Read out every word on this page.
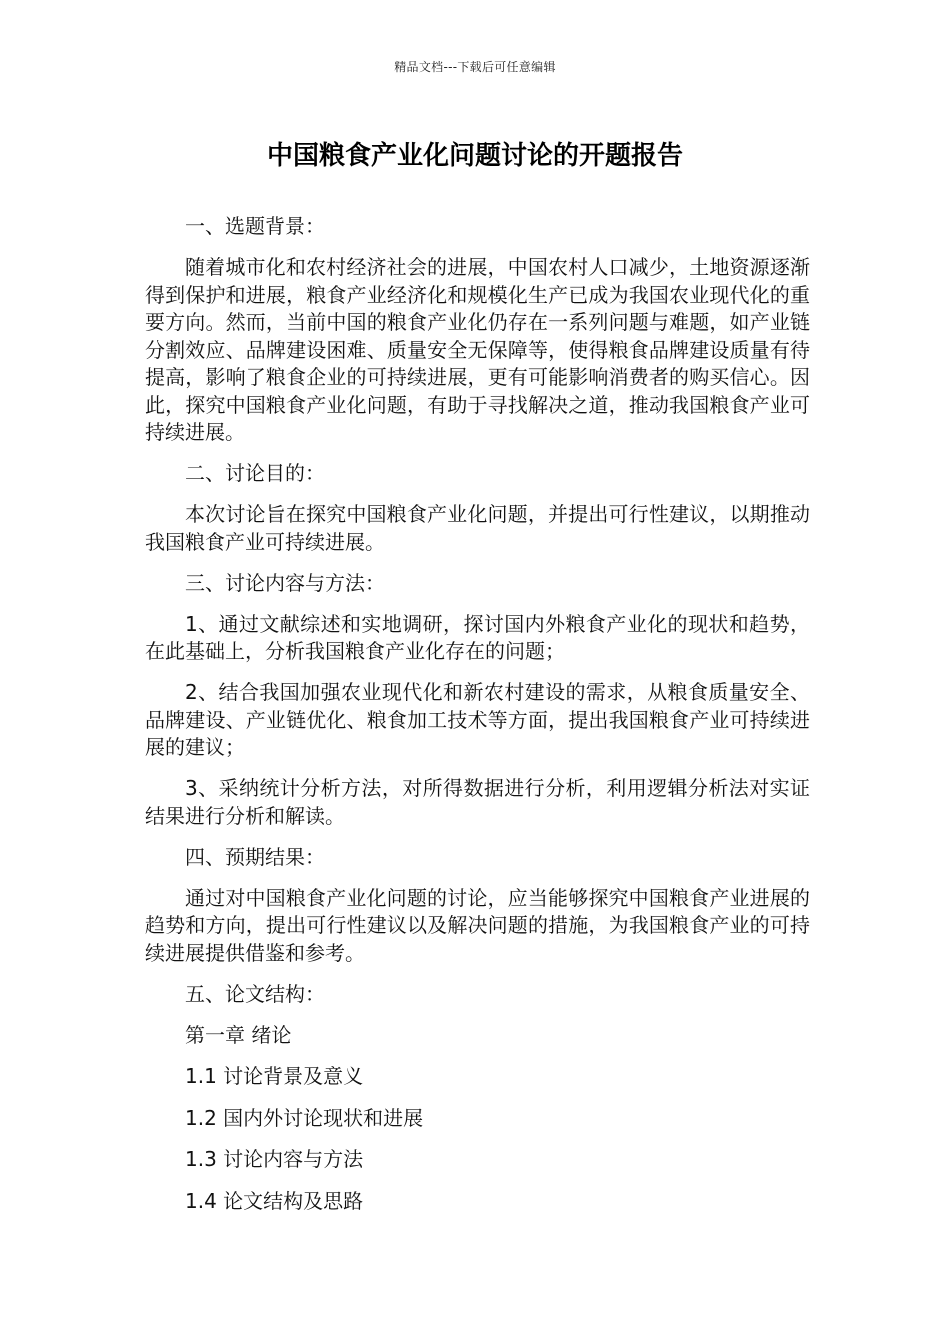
精品文档---下载后可任意编辑
中国粮食产业化问题讨论的开题报告

一、选题背景：

随着城市化和农村经济社会的进展，中国农村人口减少，土地资源逐渐得到保护和进展，粮食产业经济化和规模化生产已成为我国农业现代化的重要方向。然而，当前中国的粮食产业化仍存在一系列问题与难题，如产业链分割效应、品牌建设困难、质量安全无保障等，使得粮食品牌建设质量有待提高，影响了粮食企业的可持续进展，更有可能影响消费者的购买信心。因此，探究中国粮食产业化问题，有助于寻找解决之道，推动我国粮食产业可持续进展。

二、讨论目的：

本次讨论旨在探究中国粮食产业化问题，并提出可行性建议，以期推动我国粮食产业可持续进展。

三、讨论内容与方法：

1、通过文献综述和实地调研，探讨国内外粮食产业化的现状和趋势，在此基础上，分析我国粮食产业化存在的问题；

2、结合我国加强农业现代化和新农村建设的需求，从粮食质量安全、品牌建设、产业链优化、粮食加工技术等方面，提出我国粮食产业可持续进展的建议；

3、采纳统计分析方法，对所得数据进行分析，利用逻辑分析法对实证结果进行分析和解读。

四、预期结果：

通过对中国粮食产业化问题的讨论，应当能够探究中国粮食产业进展的趋势和方向，提出可行性建议以及解决问题的措施，为我国粮食产业的可持续进展提供借鉴和参考。

五、论文结构：

第一章 绪论

1.1 讨论背景及意义

1.2 国内外讨论现状和进展

1.3 讨论内容与方法

1.4 论文结构及思路
